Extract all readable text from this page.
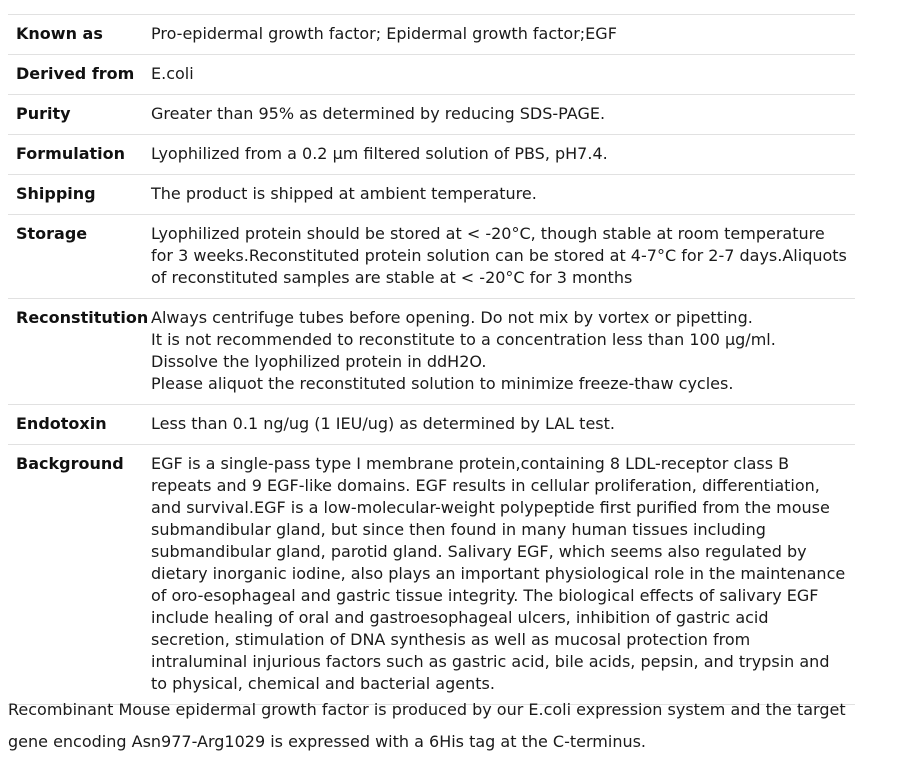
Known as	Pro-epidermal growth factor; Epidermal growth factor;EGF
Derived from	E.coli
Purity	Greater than 95% as determined by reducing SDS-PAGE.
Formulation	Lyophilized from a 0.2 μm filtered solution of PBS, pH7.4.
Shipping	The product is shipped at ambient temperature.
Storage	Lyophilized protein should be stored at < -20°C, though stable at room temperature for 3 weeks.Reconstituted protein solution can be stored at 4-7°C for 2-7 days.Aliquots of reconstituted samples are stable at < -20°C for 3 months
Reconstitution	Always centrifuge tubes before opening. Do not mix by vortex or pipetting.
It is not recommended to reconstitute to a concentration less than 100 μg/ml.
Dissolve the lyophilized protein in ddH2O.
Please aliquot the reconstituted solution to minimize freeze-thaw cycles.
Endotoxin	Less than 0.1 ng/ug (1 IEU/ug) as determined by LAL test.
Background	EGF is a single-pass type I membrane protein,containing 8 LDL-receptor class B repeats and 9 EGF-like domains. EGF results in cellular proliferation, differentiation, and survival.EGF is a low-molecular-weight polypeptide first purified from the mouse submandibular gland, but since then found in many human tissues including submandibular gland, parotid gland. Salivary EGF, which seems also regulated by dietary inorganic iodine, also plays an important physiological role in the maintenance of oro-esophageal and gastric tissue integrity. The biological effects of salivary EGF include healing of oral and gastroesophageal ulcers, inhibition of gastric acid secretion, stimulation of DNA synthesis as well as mucosal protection from intraluminal injurious factors such as gastric acid, bile acids, pepsin, and trypsin and to physical, chemical and bacterial agents.
Recombinant Mouse epidermal growth factor is produced by our E.coli expression system and the target gene encoding Asn977-Arg1029 is expressed with a 6His tag at the C-terminus.
